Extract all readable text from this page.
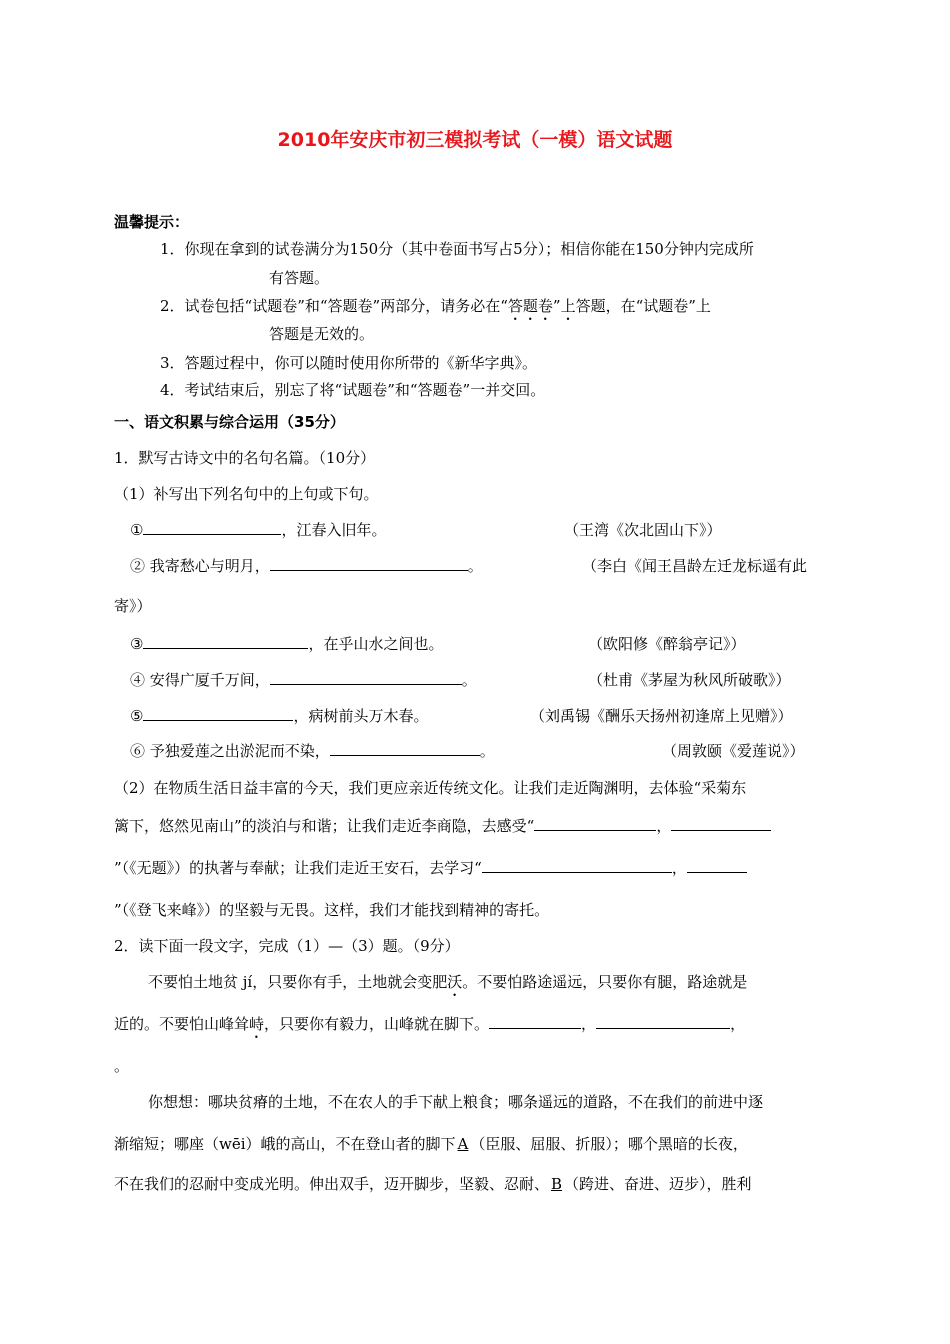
2010年安庆市初三模拟考试（一模）语文试题
温馨提示：
1．你现在拿到的试卷满分为150分（其中卷面书写占5分）；相信你能在150分钟内完成所
有答题。
2．试卷包括“试题卷”和“答题卷”两部分，请务必在“答题卷”上答题，在“试题卷”上
答题是无效的。
3．答题过程中，你可以随时使用你所带的《新华字典》。
4．考试结束后，别忘了将“试题卷”和“答题卷”一并交回。
一、语文积累与综合运用（35分）
1．默写古诗文中的名句名篇。（10分）
（1）补写出下列名句中的上句或下句。
①	，江春入旧年。	（王湾《次北固山下》）
② 我寄愁心与明月，	。	（李白《闻王昌龄左迁龙标遥有此
寄》）
③	，在乎山水之间也。	（欧阳修《醉翁亭记》）
④ 安得广厦千万间，	。	（杜甫《茅屋为秋风所破歌》）
⑤	，病树前头万木春。	（刘禹锡《酬乐天扬州初逢席上见赠》）
⑥ 予独爱莲之出淤泥而不染，	。	（周敦颐《爱莲说》）
（2）在物质生活日益丰富的今天，我们更应亲近传统文化。让我们走近陶渊明，去体验“采菊东
篱下，悠然见南山”的淡泊与和谐；让我们走近李商隐，去感受“	，
”（《无题》）的执著与奉献；让我们走近王安石，去学习“	，
”（《登飞来峰》）的坚毅与无畏。这样，我们才能找到精神的寄托。
2．读下面一段文字，完成（1）—（3）题。（9分）
不要怕土地贫 jí，只要你有手，土地就会变肥沃。不要怕路途遥远，只要你有腿，路途就是
近的。不要怕山峰耸峙，只要你有毅力，山峰就在脚下。	，	，
。
你想想：哪块贫瘠的土地，不在农人的手下献上粮食；哪条遥远的道路，不在我们的前进中逐
渐缩短；哪座（wēi）峨的高山，不在登山者的脚下 A （臣服、屈服、折服）；哪个黑暗的长夜，
不在我们的忍耐中变成光明。伸出双手，迈开脚步，坚毅、忍耐、 B （跨进、奋进、迈步），胜利
